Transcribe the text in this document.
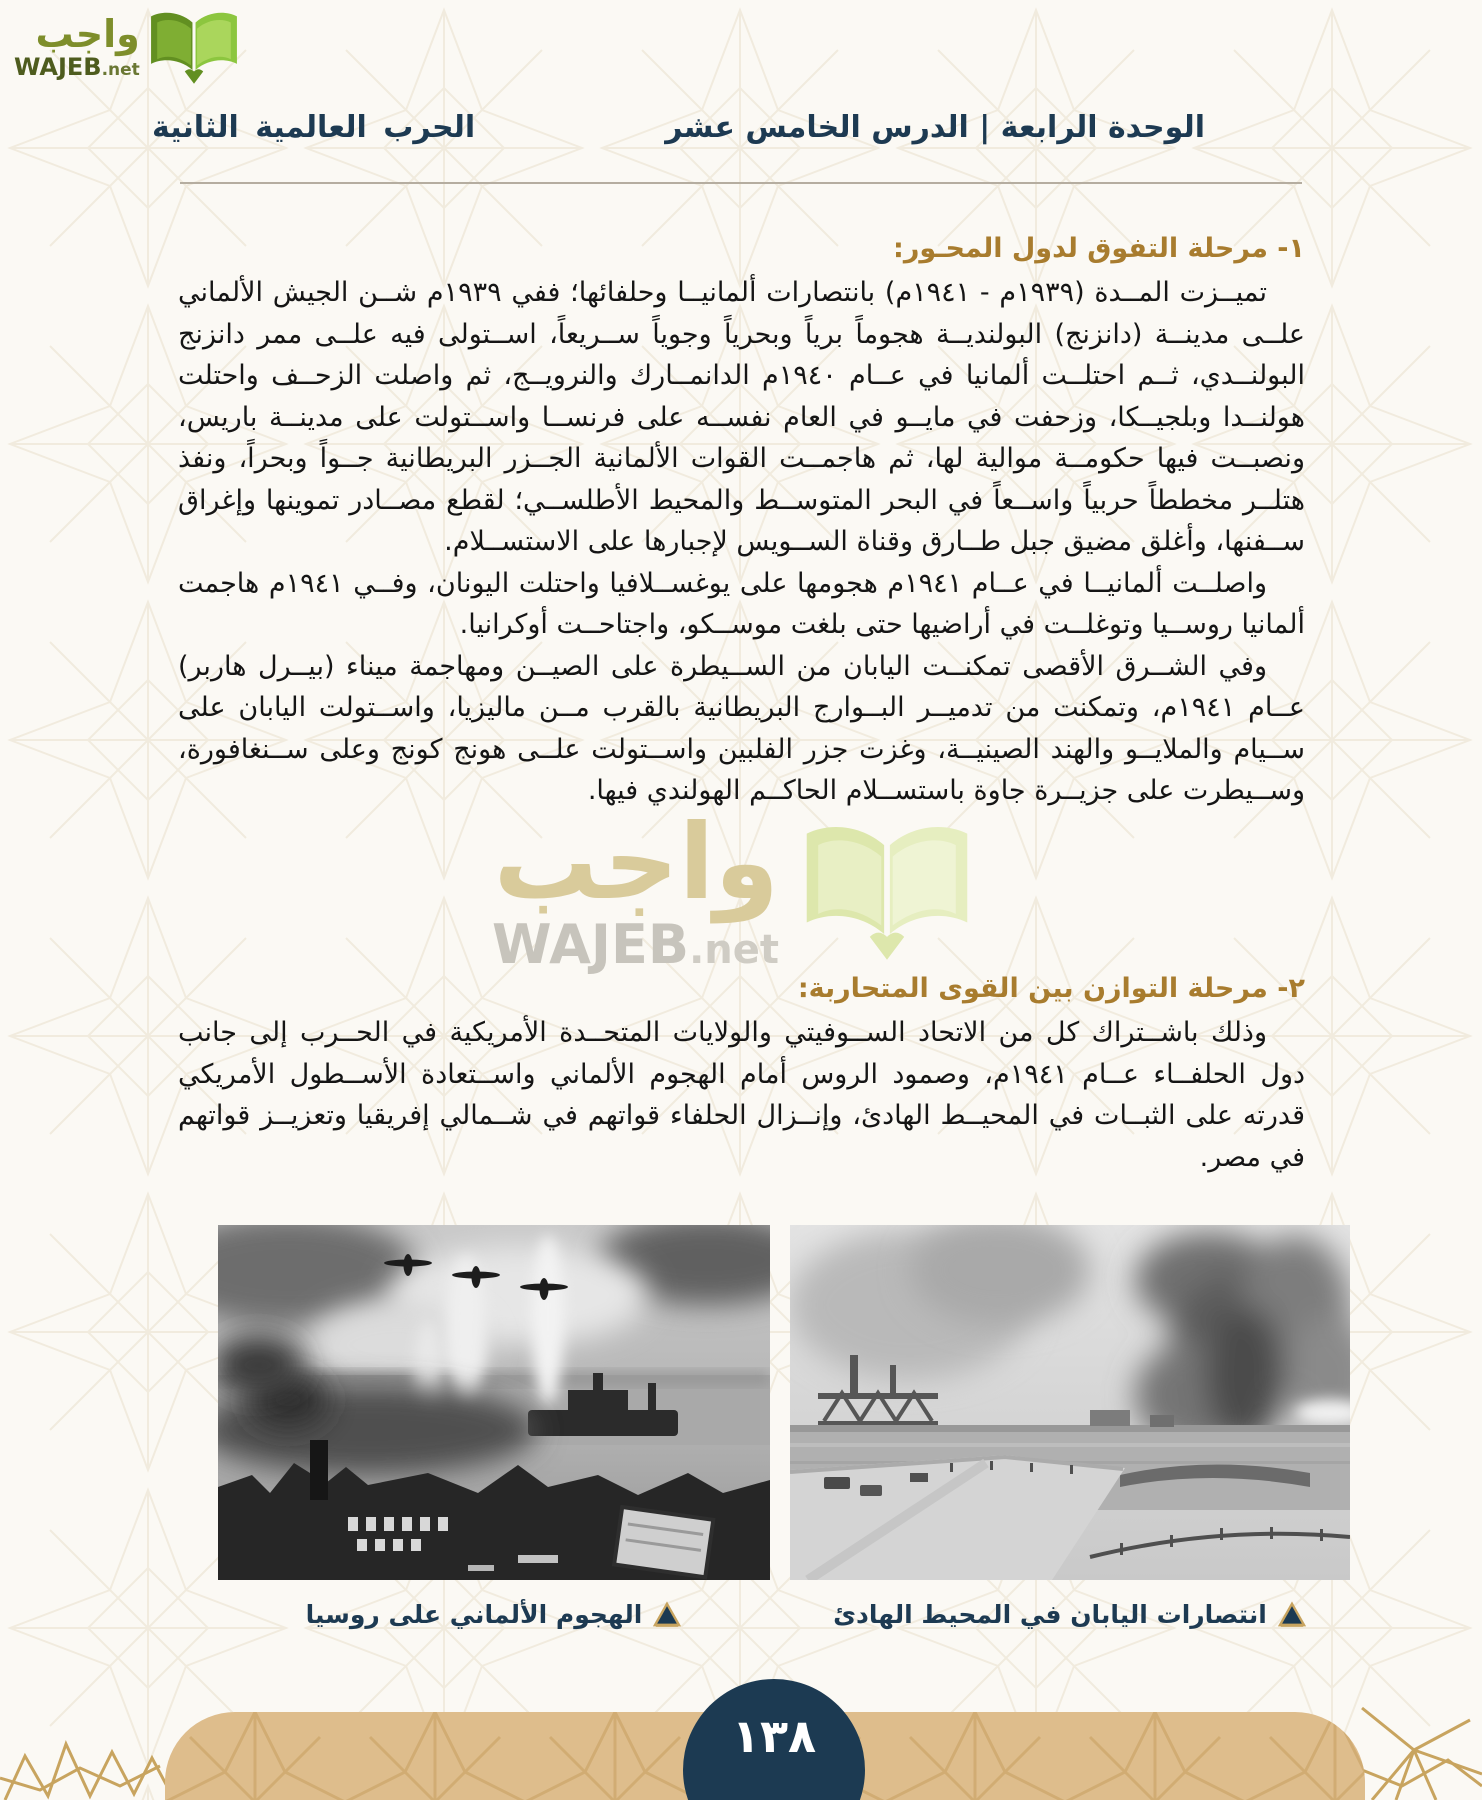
واجب
WAJEB.net
الوحدة الرابعة | الدرس الخامس عشر
الحرب العالمية الثانية
واجب
WAJEB.net
١- مرحلة التفوق لدول المحـور:

تميــزت المــدة (١٩٣٩م - ١٩٤١م) بانتصارات ألمانيــا وحلفائها؛ ففي ١٩٣٩م شــن الجيش الألماني علــى مدينــة (دانزنج) البولنديــة هجوماً برياً وبحرياً وجوياً ســريعاً، اســتولى فيه علــى ممر دانزنج البولنــدي، ثــم احتلــت ألمانيا في عــام ١٩٤٠م الدانمــارك والنرويــج، ثم واصلت الزحــف واحتلت هولنــدا وبلجيــكا، وزحفت في مايــو في العام نفســه على فرنســا واســتولت على مدينــة باريس، ونصبــت فيها حكومــة موالية لها، ثم هاجمــت القوات الألمانية الجــزر البريطانية جــواً وبحراً، ونفذ هتلــر مخططاً حربياً واســعاً في البحر المتوســط والمحيط الأطلســي؛ لقطع مصــادر تموينها وإغراق ســفنها، وأغلق مضيق جبل طــارق وقناة الســويس لإجبارها على الاستســلام.

واصلــت ألمانيــا في عــام ١٩٤١م هجومها على يوغســلافيا واحتلت اليونان، وفــي ١٩٤١م هاجمت ألمانيا روســيا وتوغلــت في أراضيها حتى بلغت موســكو، واجتاحــت أوكرانيا.

وفي الشــرق الأقصى تمكنــت اليابان من الســيطرة على الصيــن ومهاجمة ميناء (بيــرل هاربر) عــام ١٩٤١م، وتمكنت من تدميــر البــوارج البريطانية بالقرب مــن ماليزيا، واســتولت اليابان على ســيام والملايــو والهند الصينيــة، وغزت جزر الفلبين واســتولت علــى هونج كونج وعلى ســنغافورة، وســيطرت على جزيــرة جاوة باستســلام الحاكــم الهولندي فيها.

٢- مرحلة التوازن بين القوى المتحاربة:

وذلك باشــتراك كل من الاتحاد الســوفيتي والولايات المتحــدة الأمريكية في الحــرب إلى جانب دول الحلفــاء عــام ١٩٤١م، وصمود الروس أمام الهجوم الألماني واســتعادة الأســطول الأمريكي قدرته على الثبــات في المحيــط الهادئ، وإنــزال الحلفاء قواتهم في شــمالي إفريقيا وتعزيــز قواتهم في مصر.

انتصارات اليابان في المحيط الهادئ
الهجوم الألماني على روسيا
١٣٨
